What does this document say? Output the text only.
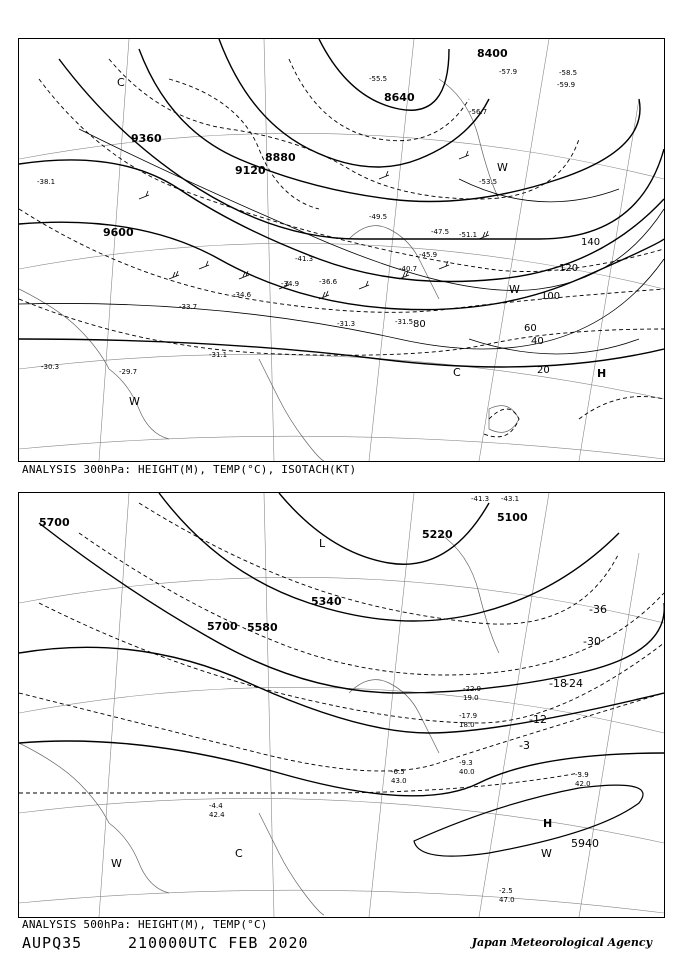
9600
9360
9120
8880
8640
8400
20
40
60
80
100
120
140
-29.7
-30.3
-31.1
-31.3	-31.5
-33.7
-34.6
-34.9	-36.6
-38.1
-40.7
-41.3	-45.9
-47.5
-49.5
-51.1
-53.5
-55.5
-56.7
-57.9	-58.5
-59.9
H
C
W
W
W
C
ANALYSIS 300hPa: HEIGHT(M), TEMP(°C), ISOTACH(KT)
5940
5700
5700 5580
5340
5220
5100
-3
-12
-18
-24
-30
-36
-3.9
42.0
-2.5
47.0
-4.4
42.4
-6.5
43.0
-9.3
40.0
-17.9
18.0
-22.9
19.0
-41.3 -43.1
H
W
W
C
L
ANALYSIS 500hPa: HEIGHT(M), TEMP(°C)
AUPQ35	210000UTC FEB 2020	Japan Meteorological Agency
